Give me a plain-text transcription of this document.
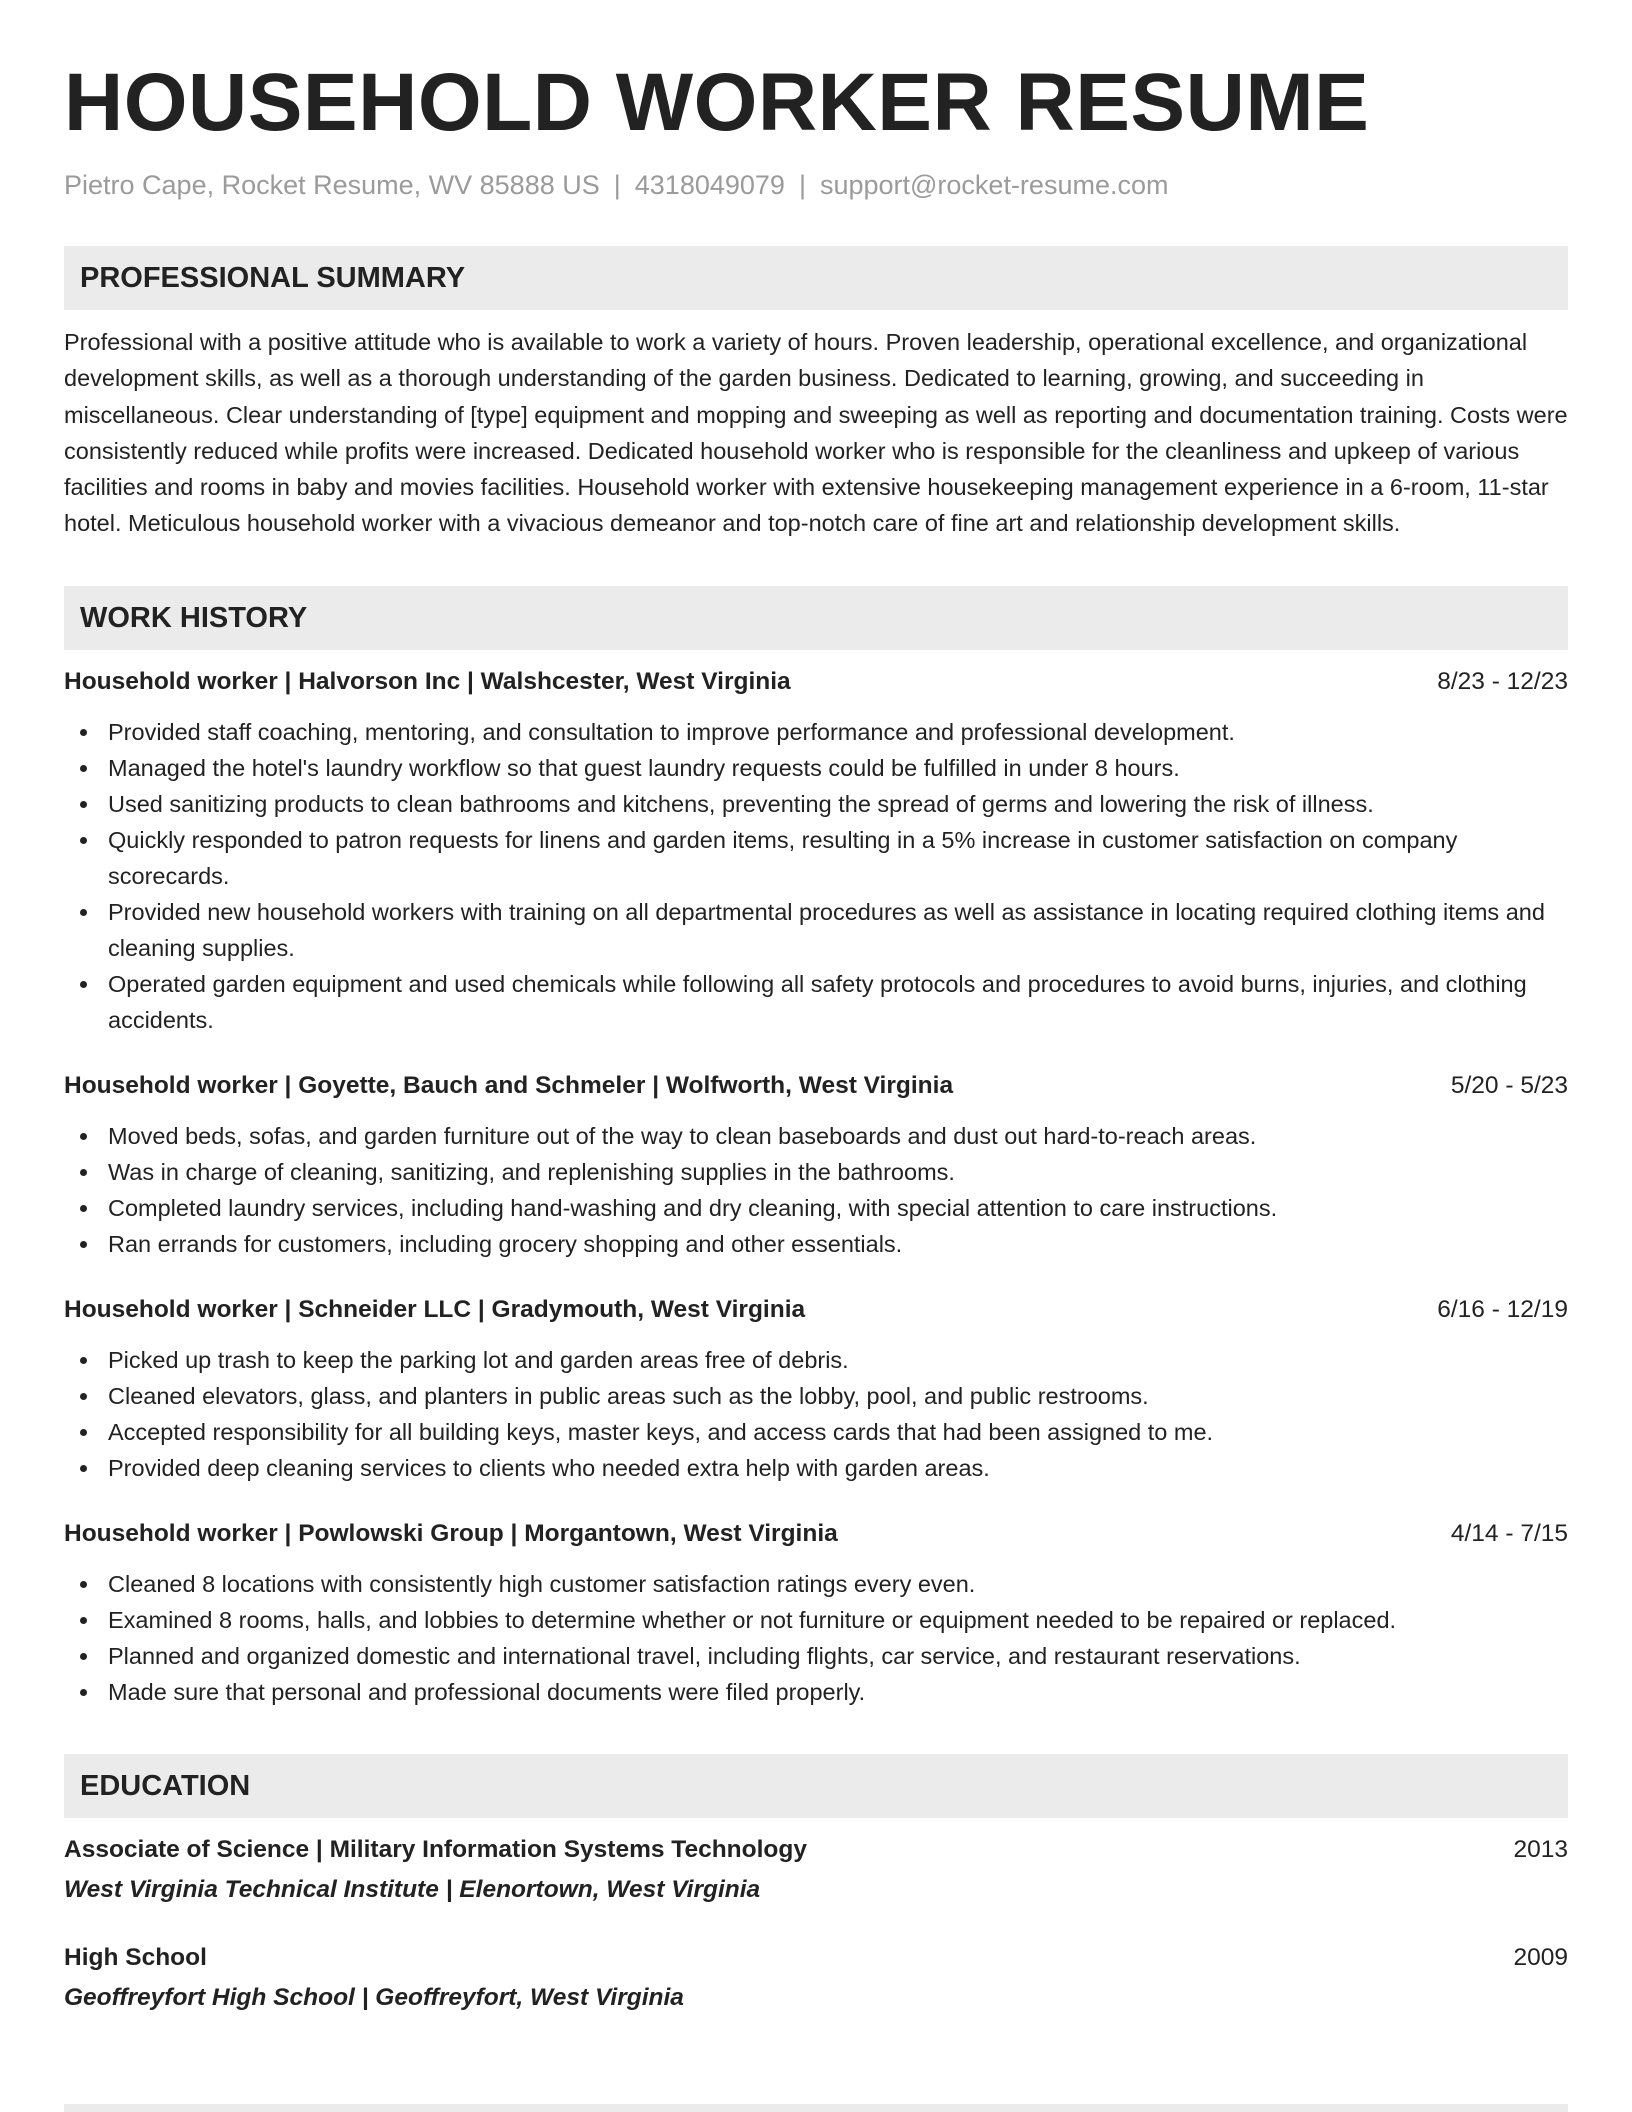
HOUSEHOLD WORKER RESUME
Pietro Cape, Rocket Resume, WV 85888 US | 4318049079 | support@rocket-resume.com
PROFESSIONAL SUMMARY
Professional with a positive attitude who is available to work a variety of hours. Proven leadership, operational excellence, and organizational development skills, as well as a thorough understanding of the garden business. Dedicated to learning, growing, and succeeding in miscellaneous. Clear understanding of [type] equipment and mopping and sweeping as well as reporting and documentation training. Costs were consistently reduced while profits were increased. Dedicated household worker who is responsible for the cleanliness and upkeep of various facilities and rooms in baby and movies facilities. Household worker with extensive housekeeping management experience in a 6-room, 11-star hotel. Meticulous household worker with a vivacious demeanor and top-notch care of fine art and relationship development skills.
WORK HISTORY
Household worker | Halvorson Inc | Walshcester, West Virginia	8/23 - 12/23
Provided staff coaching, mentoring, and consultation to improve performance and professional development.
Managed the hotel's laundry workflow so that guest laundry requests could be fulfilled in under 8 hours.
Used sanitizing products to clean bathrooms and kitchens, preventing the spread of germs and lowering the risk of illness.
Quickly responded to patron requests for linens and garden items, resulting in a 5% increase in customer satisfaction on company scorecards.
Provided new household workers with training on all departmental procedures as well as assistance in locating required clothing items and cleaning supplies.
Operated garden equipment and used chemicals while following all safety protocols and procedures to avoid burns, injuries, and clothing accidents.
Household worker | Goyette, Bauch and Schmeler | Wolfworth, West Virginia	5/20 - 5/23
Moved beds, sofas, and garden furniture out of the way to clean baseboards and dust out hard-to-reach areas.
Was in charge of cleaning, sanitizing, and replenishing supplies in the bathrooms.
Completed laundry services, including hand-washing and dry cleaning, with special attention to care instructions.
Ran errands for customers, including grocery shopping and other essentials.
Household worker | Schneider LLC | Gradymouth, West Virginia	6/16 - 12/19
Picked up trash to keep the parking lot and garden areas free of debris.
Cleaned elevators, glass, and planters in public areas such as the lobby, pool, and public restrooms.
Accepted responsibility for all building keys, master keys, and access cards that had been assigned to me.
Provided deep cleaning services to clients who needed extra help with garden areas.
Household worker | Powlowski Group | Morgantown, West Virginia	4/14 - 7/15
Cleaned 8 locations with consistently high customer satisfaction ratings every even.
Examined 8 rooms, halls, and lobbies to determine whether or not furniture or equipment needed to be repaired or replaced.
Planned and organized domestic and international travel, including flights, car service, and restaurant reservations.
Made sure that personal and professional documents were filed properly.
EDUCATION
Associate of Science | Military Information Systems Technology	2013
West Virginia Technical Institute | Elenortown, West Virginia
High School	2009
Geoffreyfort High School | Geoffreyfort, West Virginia
